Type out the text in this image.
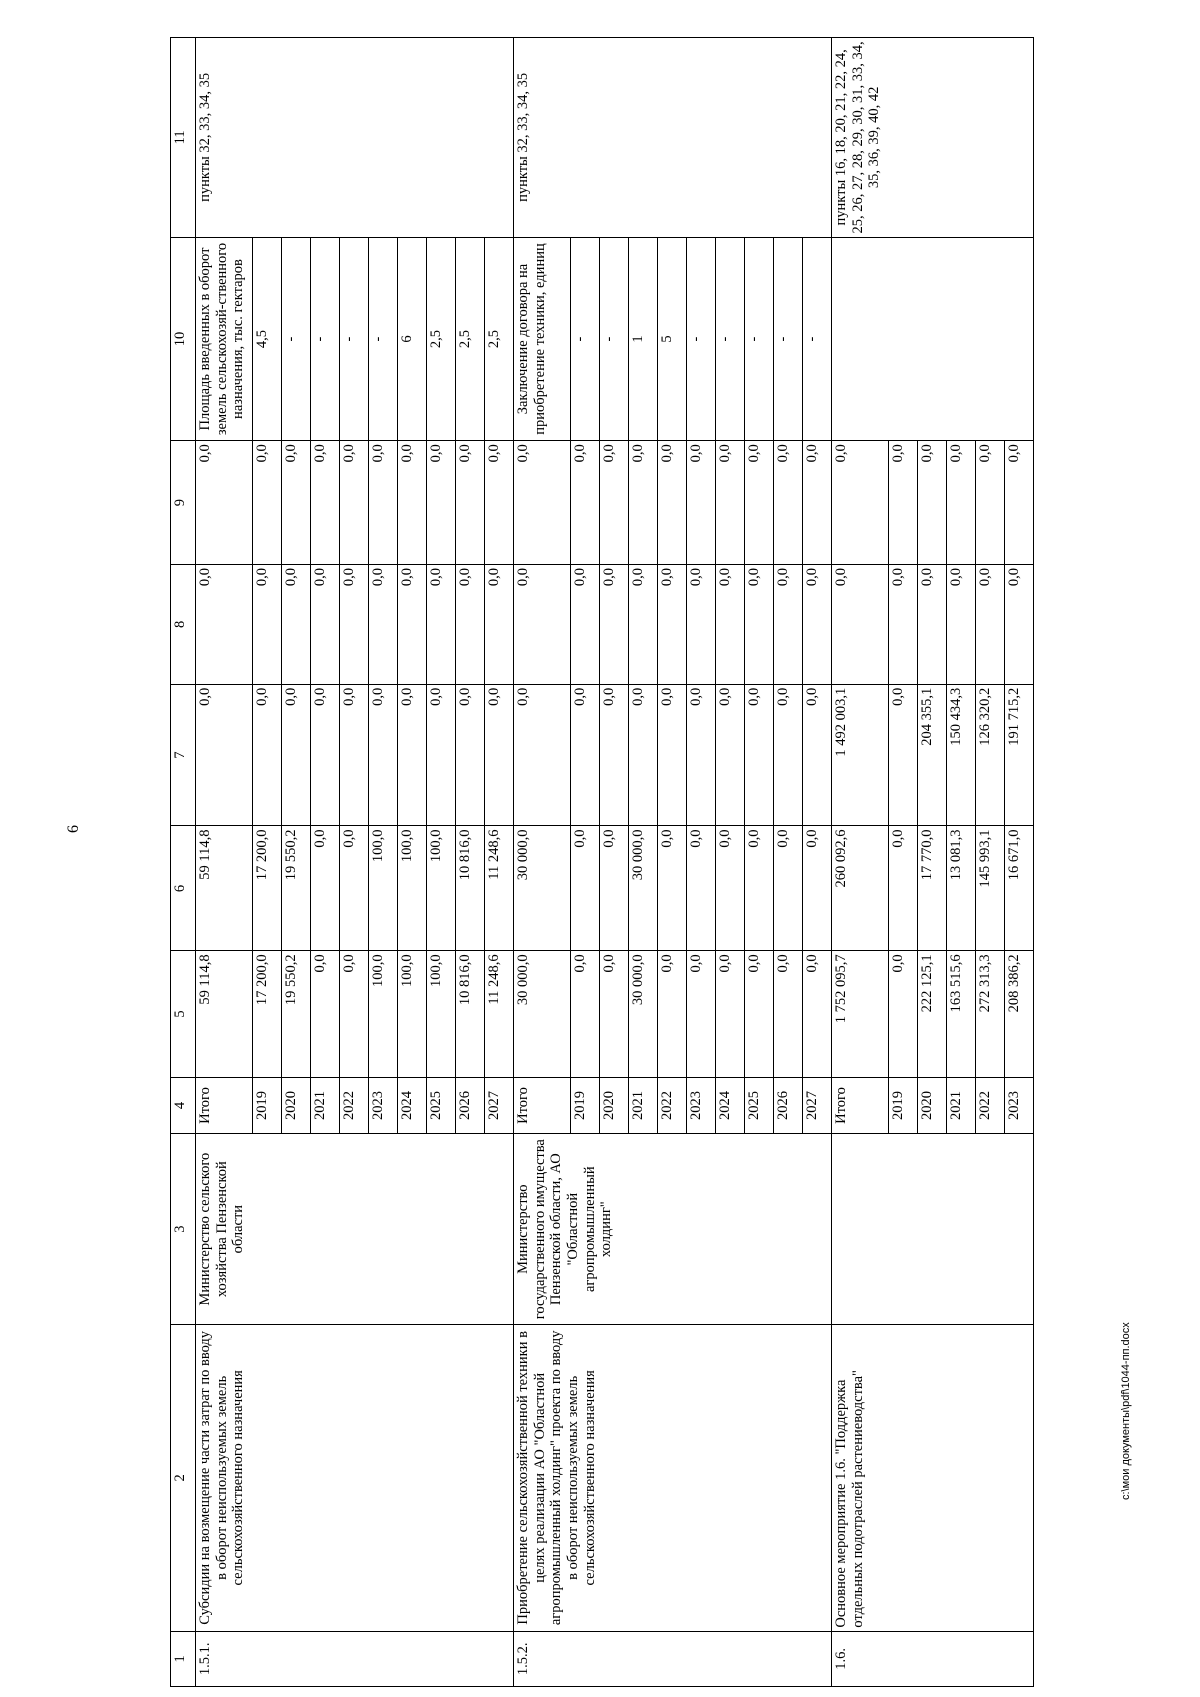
6
c:\мои документы\pdf\1044-пп.docx
1	2	3	4	5	6	7	8	9	10	11
1.5.1.	Субсидии на возмещение части затрат по вводу в оборот неиспользуемых земель сельскохозяйственного назначения	Министерство сельского хозяйства Пензенской области	Итого	59 114,8	59 114,8	0,0	0,0	0,0	Площадь введенных в оборот земель сельскохозяй-ственного назначения, тыс. гектаров	пункты 32, 33, 34, 35
			2019	17 200,0	17 200,0	0,0	0,0	0,0	4,5	
			2020	19 550,2	19 550,2	0,0	0,0	0,0	-	
			2021	0,0	0,0	0,0	0,0	0,0	-	
			2022	0,0	0,0	0,0	0,0	0,0	-	
			2023	100,0	100,0	0,0	0,0	0,0	-	
			2024	100,0	100,0	0,0	0,0	0,0	6	
			2025	100,0	100,0	0,0	0,0	0,0	2,5	
			2026	10 816,0	10 816,0	0,0	0,0	0,0	2,5	
			2027	11 248,6	11 248,6	0,0	0,0	0,0	2,5	
1.5.2.	Приобретение сельскохозяйственной техники в целях реализации АО "Областной агропромышленный холдинг" проекта по вводу в оборот неиспользуемых земель сельскохозяйственного назначения	Министерство государственного имущества Пензенской области, АО "Областной агропромышленный холдинг"	Итого	30 000,0	30 000,0	0,0	0,0	0,0	Заключение договора на приобретение техники, единиц	пункты 32, 33, 34, 35
			2019	0,0	0,0	0,0	0,0	0,0	-	
			2020	0,0	0,0	0,0	0,0	0,0	-	
			2021	30 000,0	30 000,0	0,0	0,0	0,0	1	
			2022	0,0	0,0	0,0	0,0	0,0	5	
			2023	0,0	0,0	0,0	0,0	0,0	-	
			2024	0,0	0,0	0,0	0,0	0,0	-	
			2025	0,0	0,0	0,0	0,0	0,0	-	
			2026	0,0	0,0	0,0	0,0	0,0	-	
			2027	0,0	0,0	0,0	0,0	0,0	-	
1.6.	Основное мероприятие 1.6. "Поддержка отдельных подотраслей растениеводства"		Итого	1 752 095,7	260 092,6	1 492 003,1	0,0	0,0		пункты 16, 18, 20, 21, 22, 24, 25, 26, 27, 28, 29, 30, 31, 33, 34, 35, 36, 39, 40, 42
			2019	0,0	0,0	0,0	0,0	0,0		
			2020	222 125,1	17 770,0	204 355,1	0,0	0,0		
			2021	163 515,6	13 081,3	150 434,3	0,0	0,0		
			2022	272 313,3	145 993,1	126 320,2	0,0	0,0		
			2023	208 386,2	16 671,0	191 715,2	0,0	0,0		
